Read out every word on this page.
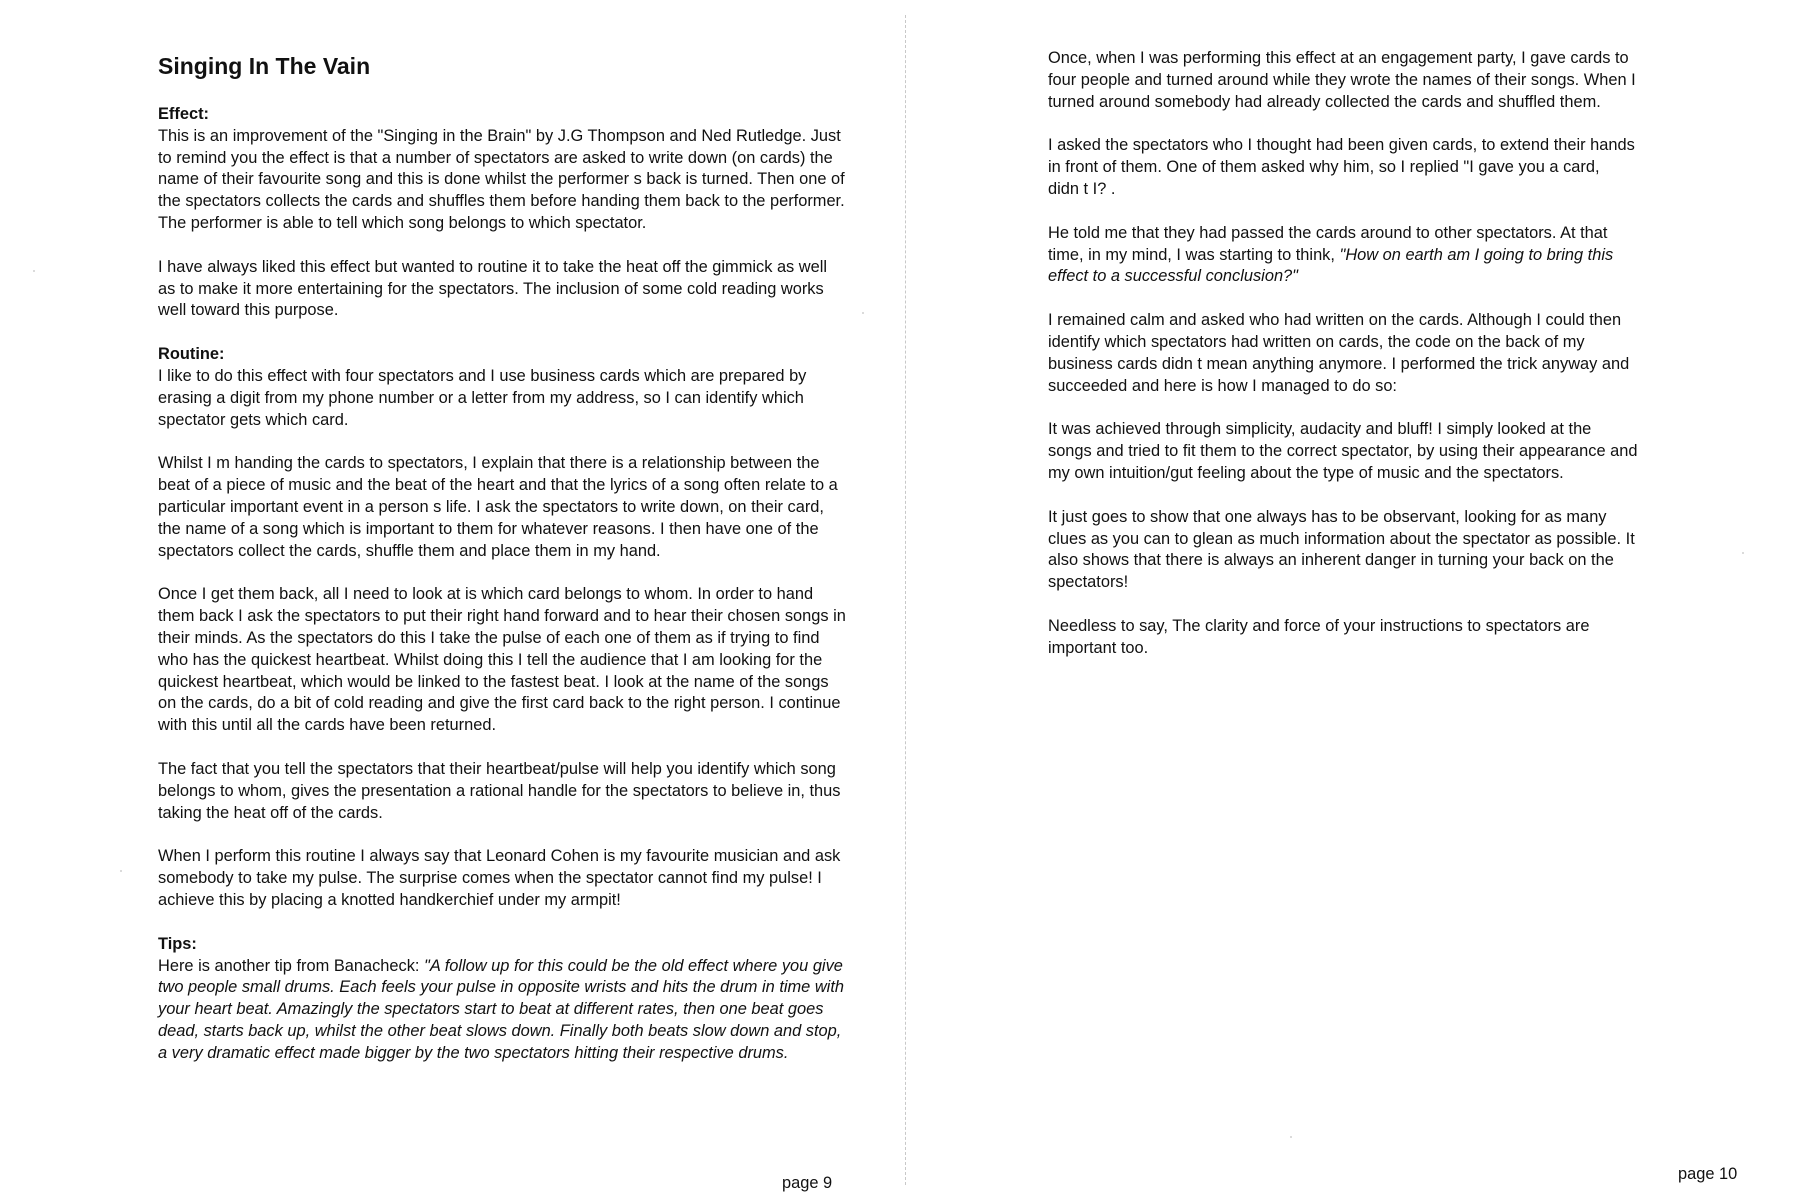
Singing In The Vain
Effect:

This is an improvement of the "Singing in the Brain" by J.G Thompson and Ned Rutledge. Just to remind you the effect is that a number of spectators are asked to write down (on cards) the name of their favourite song and this is done whilst the performer s back is turned. Then one of the spectators collects the cards and shuffles them before handing them back to the performer. The performer is able to tell which song belongs to which spectator.

I have always liked this effect but wanted to routine it to take the heat off the gimmick as well as to make it more entertaining for the spectators. The inclusion of some cold reading works well toward this purpose.

Routine:

I like to do this effect with four spectators and I use business cards which are prepared by erasing a digit from my phone number or a letter from my address, so I can identify which spectator gets which card.

Whilst I m handing the cards to spectators, I explain that there is a relationship between the beat of a piece of music and the beat of the heart and that the lyrics of a song often relate to a particular important event in a person s life. I ask the spectators to write down, on their card, the name of a song which is important to them for whatever reasons. I then have one of the spectators collect the cards, shuffle them and place them in my hand.

Once I get them back, all I need to look at is which card belongs to whom. In order to hand them back I ask the spectators to put their right hand forward and to hear their chosen songs in their minds. As the spectators do this I take the pulse of each one of them as if trying to find who has the quickest heartbeat. Whilst doing this I tell the audience that I am looking for the quickest heartbeat, which would be linked to the fastest beat. I look at the name of the songs on the cards, do a bit of cold reading and give the first card back to the right person. I continue with this until all the cards have been returned.

The fact that you tell the spectators that their heartbeat/pulse will help you identify which song belongs to whom, gives the presentation a rational handle for the spectators to believe in, thus taking the heat off of the cards.

When I perform this routine I always say that Leonard Cohen is my favourite musician and ask somebody to take my pulse. The surprise comes when the spectator cannot find my pulse! I achieve this by placing a knotted handkerchief under my armpit!

Tips:

Here is another tip from Banacheck: "A follow up for this could be the old effect where you give two people small drums. Each feels your pulse in opposite wrists and hits the drum in time with your heart beat. Amazingly the spectators start to beat at different rates, then one beat goes dead, starts back up, whilst the other beat slows down. Finally both beats slow down and stop, a very dramatic effect made bigger by the two spectators hitting their respective drums.

page 9

Once, when I was performing this effect at an engagement party, I gave cards to four people and turned around while they wrote the names of their songs. When I turned around somebody had already collected the cards and shuffled them.

I asked the spectators who I thought had been given cards, to extend their hands in front of them. One of them asked why him, so I replied "I gave you a card,
didn t I? .

He told me that they had passed the cards around to other spectators. At that time, in my mind, I was starting to think, "How on earth am I going to bring this effect to a successful conclusion?"

I remained calm and asked who had written on the cards. Although I could then identify which spectators had written on cards, the code on the back of my business cards didn t mean anything anymore. I performed the trick anyway and succeeded and here is how I managed to do so:

It was achieved through simplicity, audacity and bluff! I simply looked at the songs and tried to fit them to the correct spectator, by using their appearance and my own intuition/gut feeling about the type of music and the spectators.

It just goes to show that one always has to be observant, looking for as many clues as you can to glean as much information about the spectator as possible. It also shows that there is always an inherent danger in turning your back on the spectators!

Needless to say, The clarity and force of your instructions to spectators are important too.

page 10
